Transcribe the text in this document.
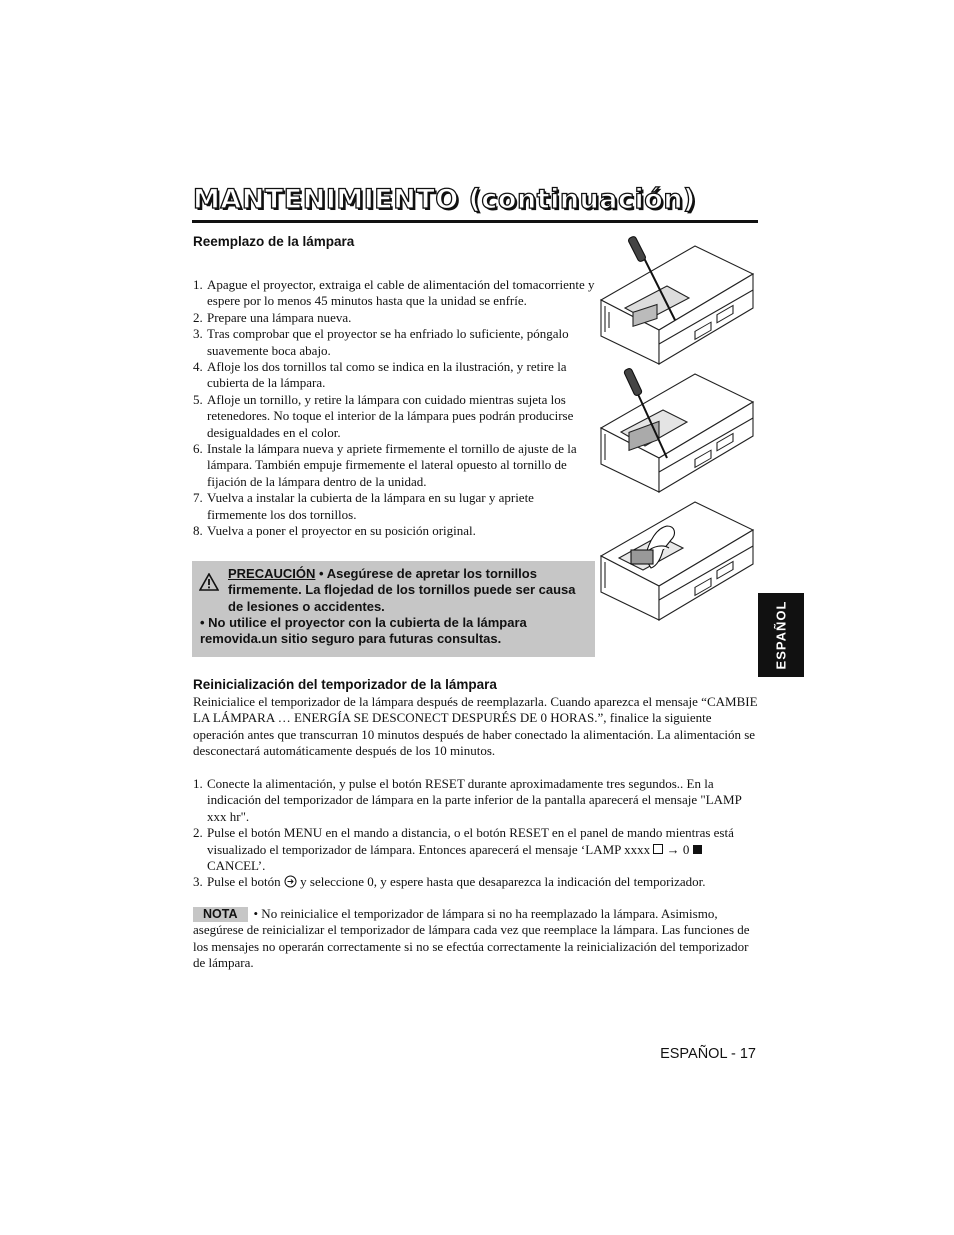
MANTENIMIENTO (continuación)
Reemplazo de la lámpara
1. Apague el proyector, extraiga el cable de alimentación del tomacorriente y espere por lo menos 45 minutos hasta que la unidad se enfríe.
2. Prepare una lámpara nueva.
3. Tras comprobar que el proyector se ha enfriado lo suficiente, póngalo suavemente boca abajo.
4. Afloje los dos tornillos tal como se indica en la ilustración, y retire la cubierta de la lámpara.
5. Afloje un tornillo, y retire la lámpara con cuidado mientras sujeta los retenedores. No toque el interior de la lámpara pues podrán producirse desigualdades en el color.
6. Instale la lámpara nueva y apriete firmemente el tornillo de ajuste de la lámpara. También empuje firmemente el lateral opuesto al tornillo de fijación de la lámpara dentro de la unidad.
7. Vuelva a instalar la cubierta de la lámpara en su lugar y apriete firmemente los dos tornillos.
8. Vuelva a poner el proyector en su posición original.
PRECAUCIÓN • Asegúrese de apretar los tornillos firmemente. La flojedad de los tornillos puede ser causa de lesiones o accidentes.
• No utilice el proyector con la cubierta de la lámpara removida.un sitio seguro para futuras consultas.
Reinicialización del temporizador de la lámpara

Reinicialice el temporizador de la lámpara después de reemplazarla. Cuando aparezca el mensaje “CAMBIE LA LÁMPARA … ENERGÍA SE DESCONECT DESPURÉS DE 0 HORAS.”, finalice la siguiente operación antes que transcurran 10 minutos después de haber conectado la alimentación. La alimentación se desconectará automáticamente después de los 10 minutos.

1. Conecte la alimentación, y pulse el botón RESET durante aproximadamente tres segundos.. En la indicación del temporizador de lámpara en la parte inferior de la pantalla aparecerá el mensaje "LAMP xxx hr".
2. Pulse el botón MENU en el mando a distancia, o el botón RESET en el panel de mando mientras está visualizado el temporizador de lámpara. Entonces aparecerá el mensaje ‘LAMP xxxx  → 0  CANCEL’.
3. Pulse el botón  y seleccione 0, y espere hasta que desaparezca la indicación del temporizador.

NOTA • No reinicialice el temporizador de lámpara si no ha reemplazado la lámpara. Asimismo, asegúrese de reinicializar el temporizador de lámpara cada vez que reemplace la lámpara. Las funciones de los mensajes no operarán correctamente si no se efectúa correctamente la reinicialización del temporizador de lámpara.

ESPAÑOL
ESPAÑOL - 17
